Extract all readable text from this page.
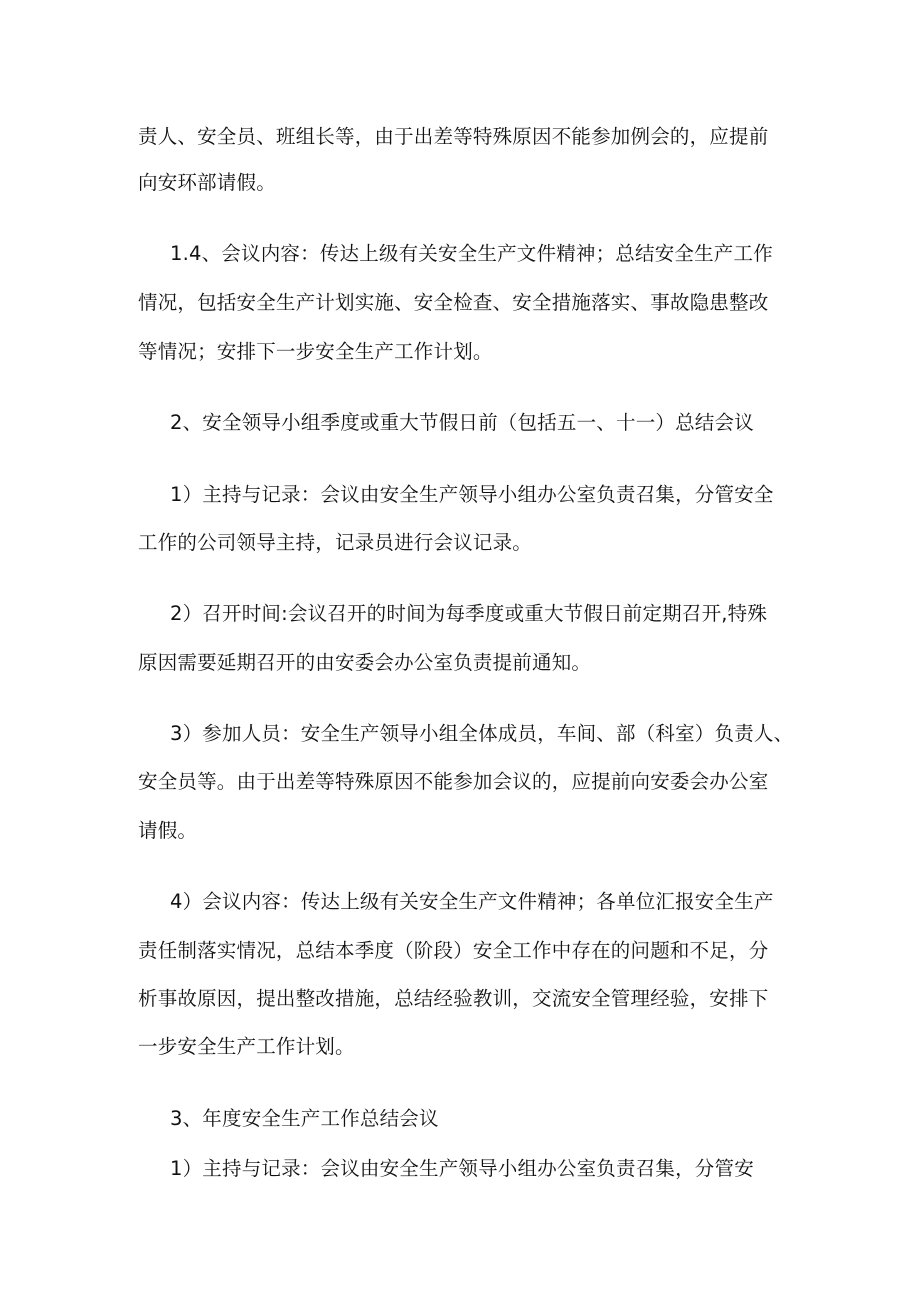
责人、安全员、班组长等，由于出差等特殊原因不能参加例会的，应提前
向安环部请假。
1.4、会议内容：传达上级有关安全生产文件精神；总结安全生产工作
情况，包括安全生产计划实施、安全检查、安全措施落实、事故隐患整改
等情况；安排下一步安全生产工作计划。
2、安全领导小组季度或重大节假日前（包括五一、十一）总结会议
1）主持与记录：会议由安全生产领导小组办公室负责召集，分管安全
工作的公司领导主持，记录员进行会议记录。
2）召开时间:会议召开的时间为每季度或重大节假日前定期召开,特殊
原因需要延期召开的由安委会办公室负责提前通知。
3）参加人员：安全生产领导小组全体成员，车间、部（科室）负责人、
安全员等。由于出差等特殊原因不能参加会议的，应提前向安委会办公室
请假。
4）会议内容：传达上级有关安全生产文件精神；各单位汇报安全生产
责任制落实情况，总结本季度（阶段）安全工作中存在的问题和不足，分
析事故原因，提出整改措施，总结经验教训，交流安全管理经验，安排下
一步安全生产工作计划。
3、年度安全生产工作总结会议
1）主持与记录：会议由安全生产领导小组办公室负责召集，分管安
